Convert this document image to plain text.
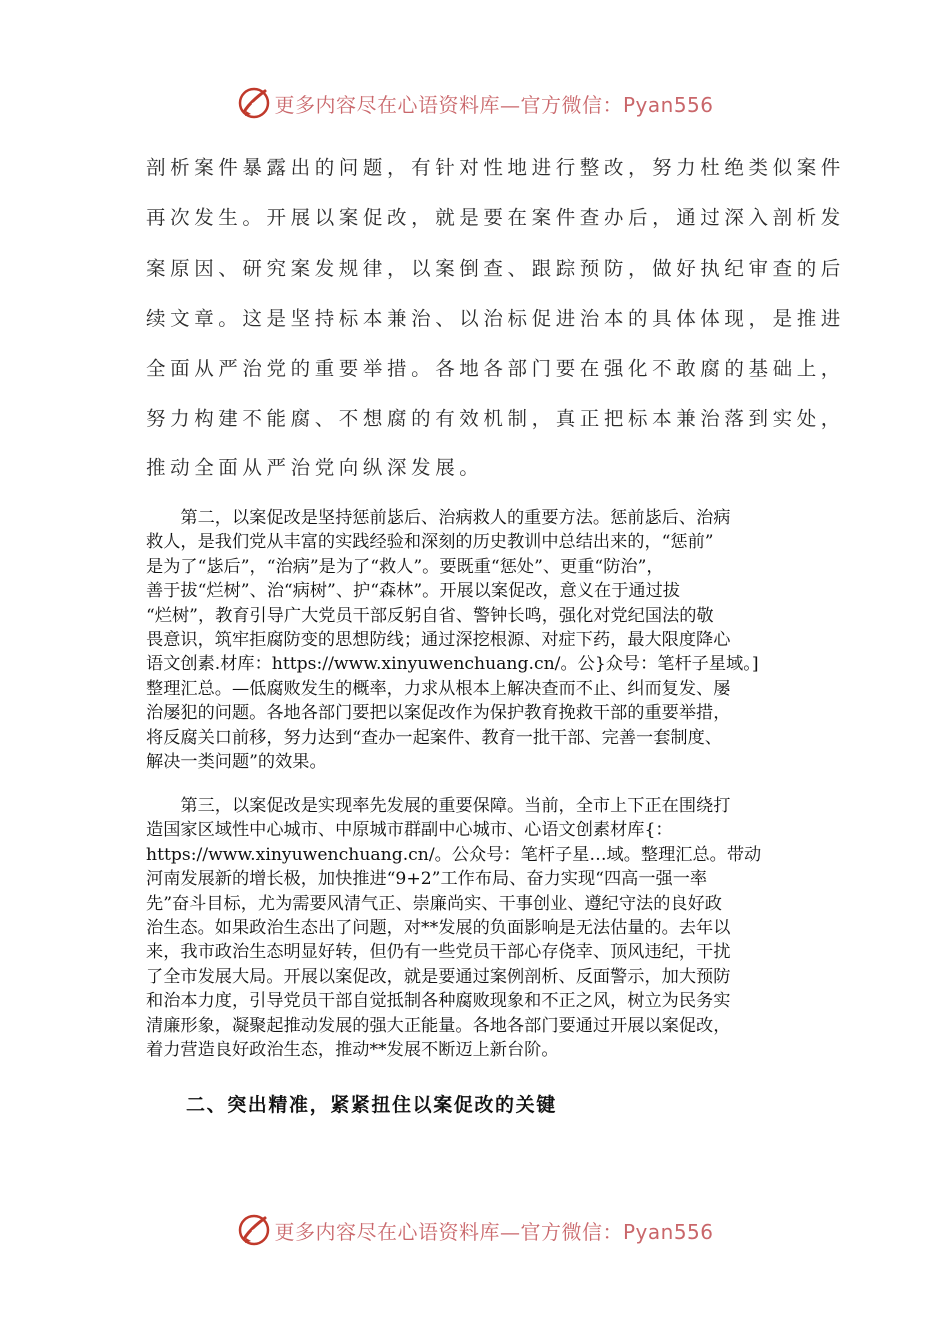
更多内容尽在心语资料库—官方微信：Pyan556
剖析案件暴露出的问题，有针对性地进行整改，努力杜绝类似案件
再次发生。开展以案促改，就是要在案件查办后，通过深入剖析发
案原因、研究案发规律，以案倒查、跟踪预防，做好执纪审查的后
续文章。这是坚持标本兼治、以治标促进治本的具体体现，是推进
全面从严治党的重要举措。各地各部门要在强化不敢腐的基础上，
努力构建不能腐、不想腐的有效机制，真正把标本兼治落到实处，
推动全面从严治党向纵深发展。
　　第二，以案促改是坚持惩前毖后、治病救人的重要方法。惩前毖后、治病
救人，是我们党从丰富的实践经验和深刻的历史教训中总结出来的，“惩前”
是为了“毖后”，“治病”是为了“救人”。要既重“惩处”、更重“防治”，
善于拔“烂树”、治“病树”、护“森林”。开展以案促改，意义在于通过拔
“烂树”，教育引导广大党员干部反躬自省、警钟长鸣，强化对党纪国法的敬
畏意识，筑牢拒腐防变的思想防线；通过深挖根源、对症下药，最大限度降心
语文创素.材库：https://www.xinyuwenchuang.cn/。公}众号：笔杆子星域。]
整理汇总。—低腐败发生的概率，力求从根本上解决查而不止、纠而复发、屡
治屡犯的问题。各地各部门要把以案促改作为保护教育挽救干部的重要举措，
将反腐关口前移，努力达到“查办一起案件、教育一批干部、完善一套制度、
解决一类问题”的效果。
　　第三，以案促改是实现率先发展的重要保障。当前，全市上下正在围绕打
造国家区域性中心城市、中原城市群副中心城市、心语文创素材库{：
https://www.xinyuwenchuang.cn/。公众号：笔杆子星…域。整理汇总。带动
河南发展新的增长极，加快推进“9+2”工作布局、奋力实现“四高一强一率
先”奋斗目标，尤为需要风清气正、崇廉尚实、干事创业、遵纪守法的良好政
治生态。如果政治生态出了问题，对**发展的负面影响是无法估量的。去年以
来，我市政治生态明显好转，但仍有一些党员干部心存侥幸、顶风违纪，干扰
了全市发展大局。开展以案促改，就是要通过案例剖析、反面警示，加大预防
和治本力度，引导党员干部自觉抵制各种腐败现象和不正之风，树立为民务实
清廉形象，凝聚起推动发展的强大正能量。各地各部门要通过开展以案促改，
着力营造良好政治生态，推动**发展不断迈上新台阶。
二、突出精准，紧紧扭住以案促改的关键
更多内容尽在心语资料库—官方微信：Pyan556
